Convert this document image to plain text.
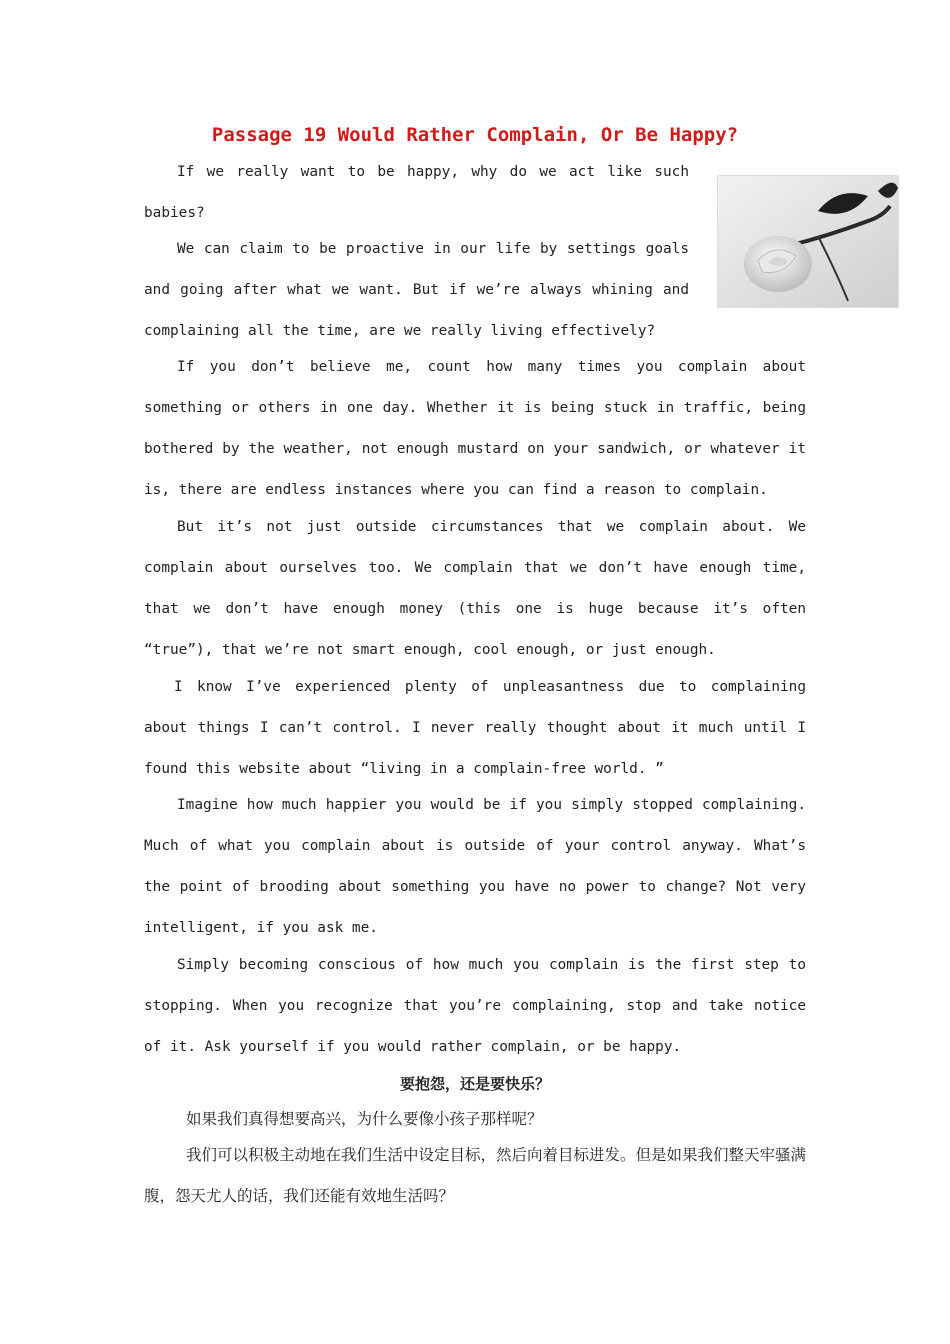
Passage 19 Would Rather Complain, Or Be Happy?

If we really want to be happy, why do we act like such babies?

We can claim to be proactive in our life by settings goals and going after what we want. But if we’re always whining and complaining all the time, are we really living effectively?

If you don’t believe me, count how many times you complain about something or others in one day. Whether it is being stuck in traffic, being bothered by the weather, not enough mustard on your sandwich, or whatever it is, there are endless instances where you can find a reason to complain.

But it’s not just outside circumstances that we complain about. We complain about ourselves too. We complain that we don’t have enough time, that we don’t have enough money (this one is huge because it’s often “true”), that we’re not smart enough, cool enough, or just enough.

I know I’ve experienced plenty of unpleasantness due to complaining about things I can’t control. I never really thought about it much until I found this website about “living in a complain-free world. ”

Imagine how much happier you would be if you simply stopped complaining. Much of what you complain about is outside of your control anyway. What’s the point of brooding about something you have no power to change? Not very intelligent, if you ask me.

Simply becoming conscious of how much you complain is the first step to stopping. When you recognize that you’re complaining, stop and take notice of it. Ask yourself if you would rather complain, or be happy.

要抱怨，还是要快乐？

如果我们真得想要高兴，为什么要像小孩子那样呢？

我们可以积极主动地在我们生活中设定目标，然后向着目标进发。但是如果我们整天牢骚满腹，怨天尤人的话，我们还能有效地生活吗？
